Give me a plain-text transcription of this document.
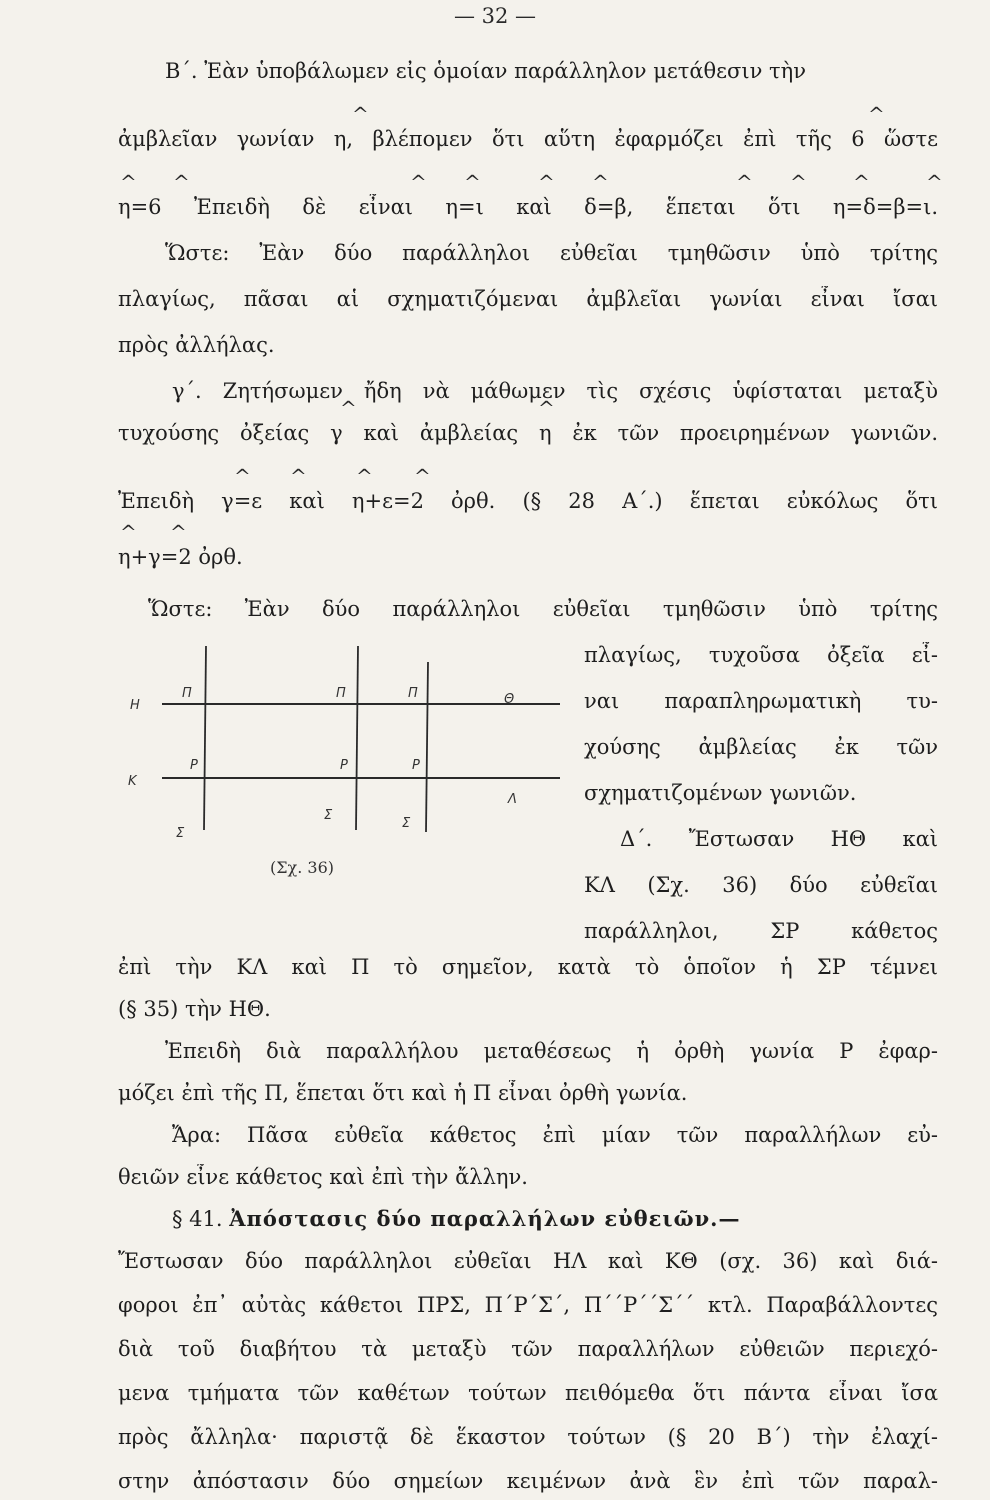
— 32 —
Β΄. Ἐὰν ὑποβάλωμεν εἰς ὁμοίαν παράλληλον μετάθεσιν τὴν
^	^
ἀμβλεῖαν γωνίαν η, βλέπομεν ὅτι αὕτη ἐφαρμόζει ἐπὶ τῆς 6 ὥστε
^ ^	^ ^	^ ^	^ ^ ^	^
η=6 Ἐπειδὴ δὲ εἶναι η=ι καὶ δ=β, ἕπεται ὅτι η=δ=β=ι.
Ὥστε: Ἐὰν δύο παράλληλοι εὐθεῖαι τμηθῶσιν ὑπὸ τρίτης
πλαγίως, πᾶσαι αἱ σχηματιζόμεναι ἀμβλεῖαι γωνίαι εἶναι ἴσαι
πρὸς ἀλλήλας.
γ΄. Ζητήσωμεν ἤδη νὰ μάθωμεν τὶς σχέσις ὑφίσταται μεταξὺ
^	^
τυχούσης ὀξείας γ καὶ ἀμβλείας η ἐκ τῶν προειρημένων γωνιῶν.
^ ^ ^ ^
Ἐπειδὴ γ=ε καὶ η+ε=2 ὀρθ. (§ 28 Α΄.) ἕπεται εὐκόλως ὅτι
^ ^
η+γ=2 ὀρθ.
Ὥστε: Ἐὰν δύο παράλληλοι εὐθεῖαι τμηθῶσιν ὑπὸ τρίτης
Η
Κ
Θ
Λ
Π	Π	Π
Ρ	Ρ	Ρ
Σ
Σ
Σ
(Σχ. 36)
πλαγίως, τυχοῦσα ὀξεῖα εἶ-
ναι παραπληρωματικὴ τυ-
χούσης ἀμβλείας ἐκ τῶν
σχηματιζομένων γωνιῶν.
Δ΄. Ἔστωσαν ΗΘ καὶ
ΚΛ (Σχ. 36) δύο εὐθεῖαι
παράλληλοι, ΣΡ κάθετος
ἐπὶ τὴν ΚΛ καὶ Π τὸ σημεῖον, κατὰ τὸ ὁποῖον ἡ ΣΡ τέμνει
(§ 35) τὴν ΗΘ.
Ἐπειδὴ διὰ παραλλήλου μεταθέσεως ἡ ὀρθὴ γωνία Ρ ἐφαρ-
μόζει ἐπὶ τῆς Π, ἕπεται ὅτι καὶ ἡ Π εἶναι ὀρθὴ γωνία.
Ἄρα: Πᾶσα εὐθεῖα κάθετος ἐπὶ μίαν τῶν παραλλήλων εὐ-
θειῶν εἶνε κάθετος καὶ ἐπὶ τὴν ἄλλην.
§ 41. Ἀπόστασις δύο παραλλήλων εὐθειῶν.—
Ἔστωσαν δύο παράλληλοι εὐθεῖαι ΗΛ καὶ ΚΘ (σχ. 36) καὶ διά-
φοροι ἐπ᾽ αὐτὰς κάθετοι ΠΡΣ, Π΄Ρ΄Σ΄, Π΄΄Ρ΄΄Σ΄΄ κτλ. Παραβάλλοντες
διὰ τοῦ διαβήτου τὰ μεταξὺ τῶν παραλλήλων εὐθειῶν περιεχό-
μενα τμήματα τῶν καθέτων τούτων πειθόμεθα ὅτι πάντα εἶναι ἴσα
πρὸς ἄλληλα· παριστᾷ δὲ ἕκαστον τούτων (§ 20 Β΄) τὴν ἐλαχί-
στην ἀπόστασιν δύο σημείων κειμένων ἀνὰ ἓν ἐπὶ τῶν παραλ-
